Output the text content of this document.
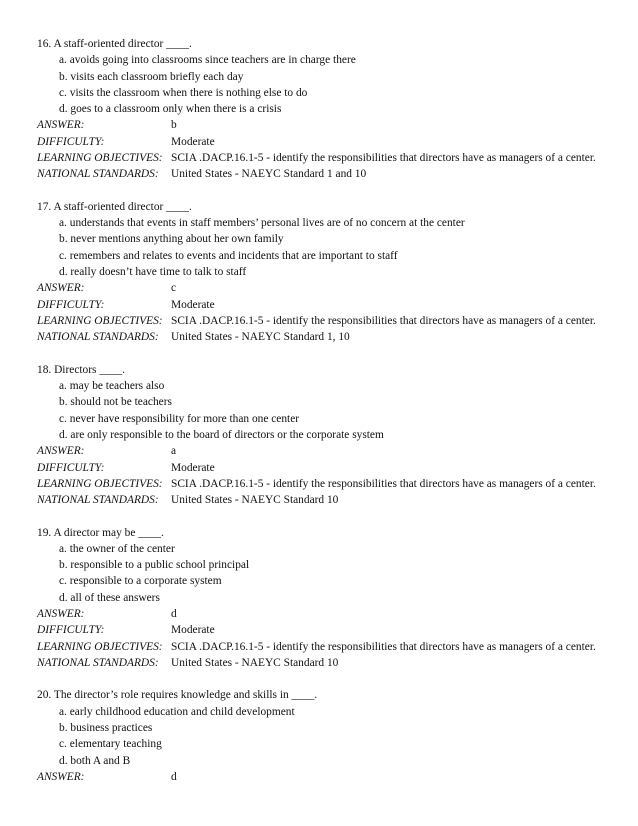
16. A staff-oriented director ____.
a. avoids going into classrooms since teachers are in charge there
b. visits each classroom briefly each day
c. visits the classroom when there is nothing else to do
d. goes to a classroom only when there is a crisis
ANSWER:	b
DIFFICULTY:	Moderate
LEARNING OBJECTIVES: SCIA .DACP.16.1-5 - identify the responsibilities that directors have as managers of a center.
NATIONAL STANDARDS:	United States - NAEYC Standard 1 and 10
17. A staff-oriented director ____.
a. understands that events in staff members’ personal lives are of no concern at the center
b. never mentions anything about her own family
c. remembers and relates to events and incidents that are important to staff
d. really doesn’t have time to talk to staff
ANSWER:	c
DIFFICULTY:	Moderate
LEARNING OBJECTIVES: SCIA .DACP.16.1-5 - identify the responsibilities that directors have as managers of a center.
NATIONAL STANDARDS:	United States - NAEYC Standard 1, 10
18. Directors ____.
a. may be teachers also
b. should not be teachers
c. never have responsibility for more than one center
d. are only responsible to the board of directors or the corporate system
ANSWER:	a
DIFFICULTY:	Moderate
LEARNING OBJECTIVES: SCIA .DACP.16.1-5 - identify the responsibilities that directors have as managers of a center.
NATIONAL STANDARDS:	United States - NAEYC Standard 10
19. A director may be ____.
a. the owner of the center
b. responsible to a public school principal
c. responsible to a corporate system
d. all of these answers
ANSWER:	d
DIFFICULTY:	Moderate
LEARNING OBJECTIVES: SCIA .DACP.16.1-5 - identify the responsibilities that directors have as managers of a center.
NATIONAL STANDARDS:	United States - NAEYC Standard 10
20. The director’s role requires knowledge and skills in ____.
a. early childhood education and child development
b. business practices
c. elementary teaching
d. both A and B
ANSWER:	d
